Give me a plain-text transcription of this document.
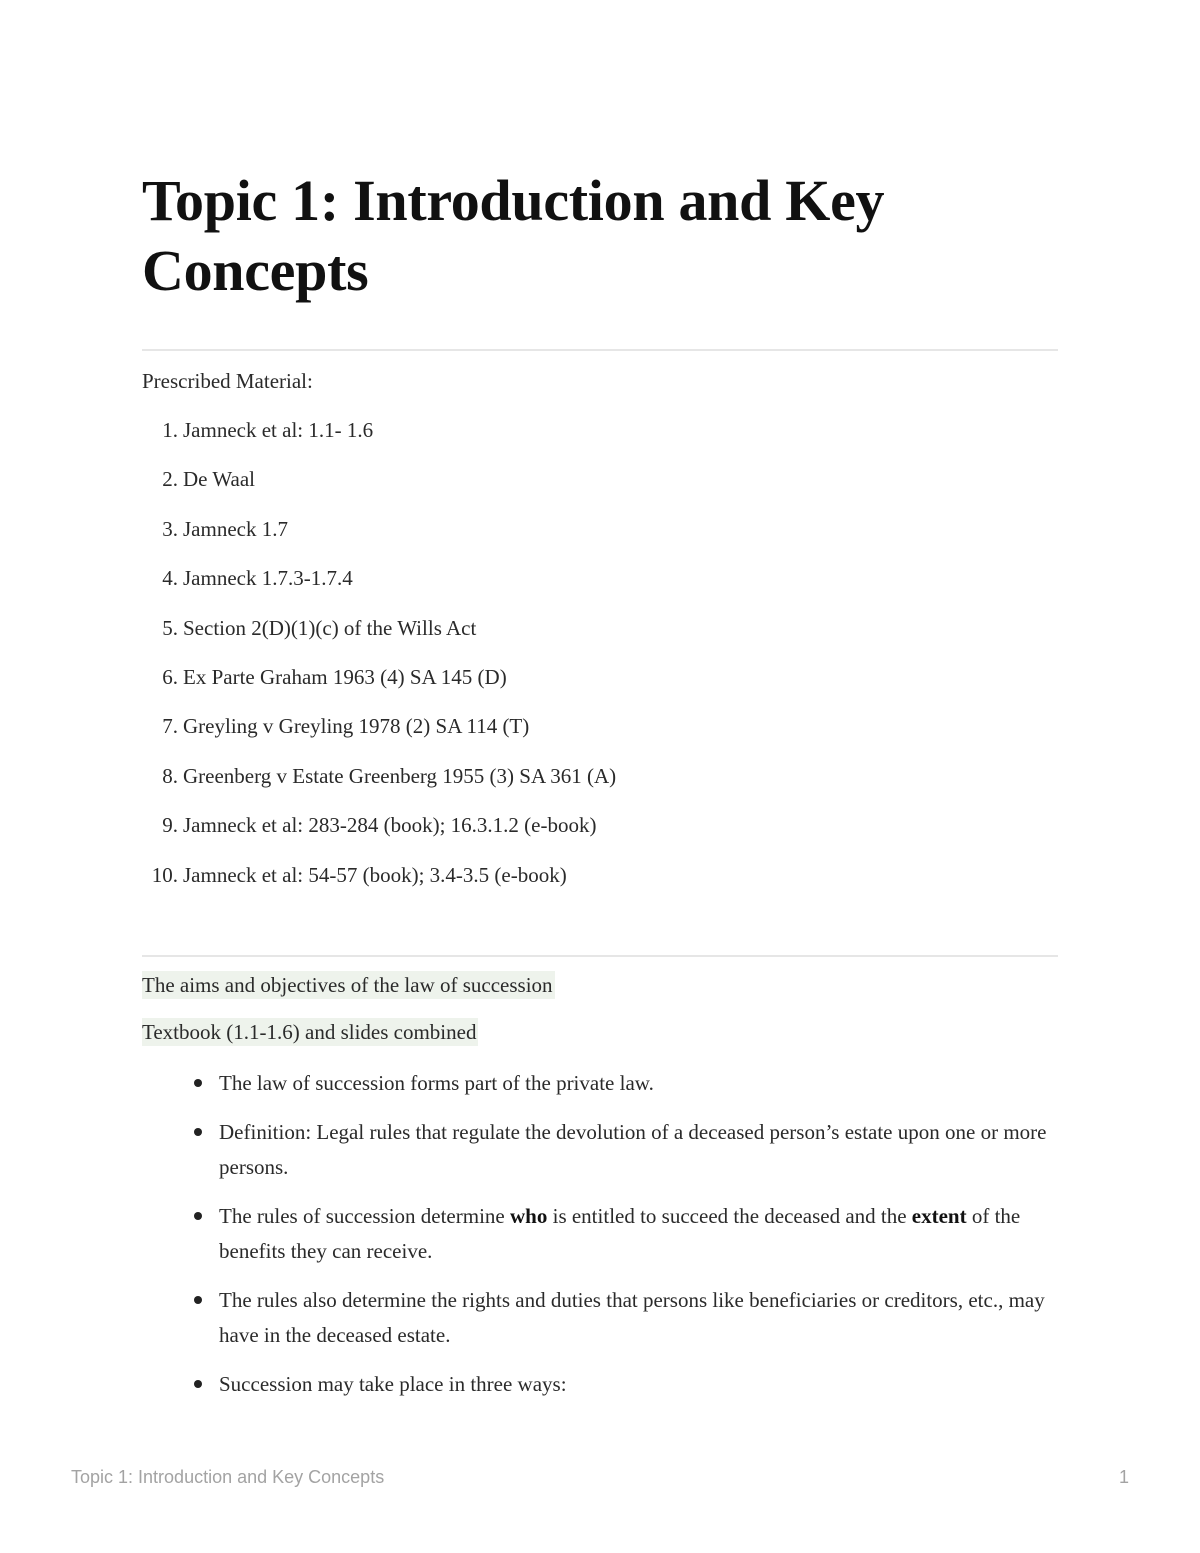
Topic 1: Introduction and Key Concepts
Prescribed Material:
1. Jamneck et al: 1.1- 1.6
2. De Waal
3. Jamneck 1.7
4. Jamneck 1.7.3-1.7.4
5. Section 2(D)(1)(c) of the Wills Act
6. Ex Parte Graham 1963 (4) SA 145 (D)
7. Greyling v Greyling 1978 (2) SA 114 (T)
8. Greenberg v Estate Greenberg 1955 (3) SA 361 (A)
9. Jamneck et al: 283-284 (book); 16.3.1.2 (e-book)
10. Jamneck et al: 54-57 (book); 3.4-3.5 (e-book)
The aims and objectives of the law of succession
Textbook (1.1-1.6) and slides combined
The law of succession forms part of the private law.
Definition: Legal rules that regulate the devolution of a deceased person’s estate upon one or more persons.
The rules of succession determine who is entitled to succeed the deceased and the extent of the benefits they can receive.
The rules also determine the rights and duties that persons like beneficiaries or creditors, etc., may have in the deceased estate.
Succession may take place in three ways:
Topic 1: Introduction and Key Concepts	1
